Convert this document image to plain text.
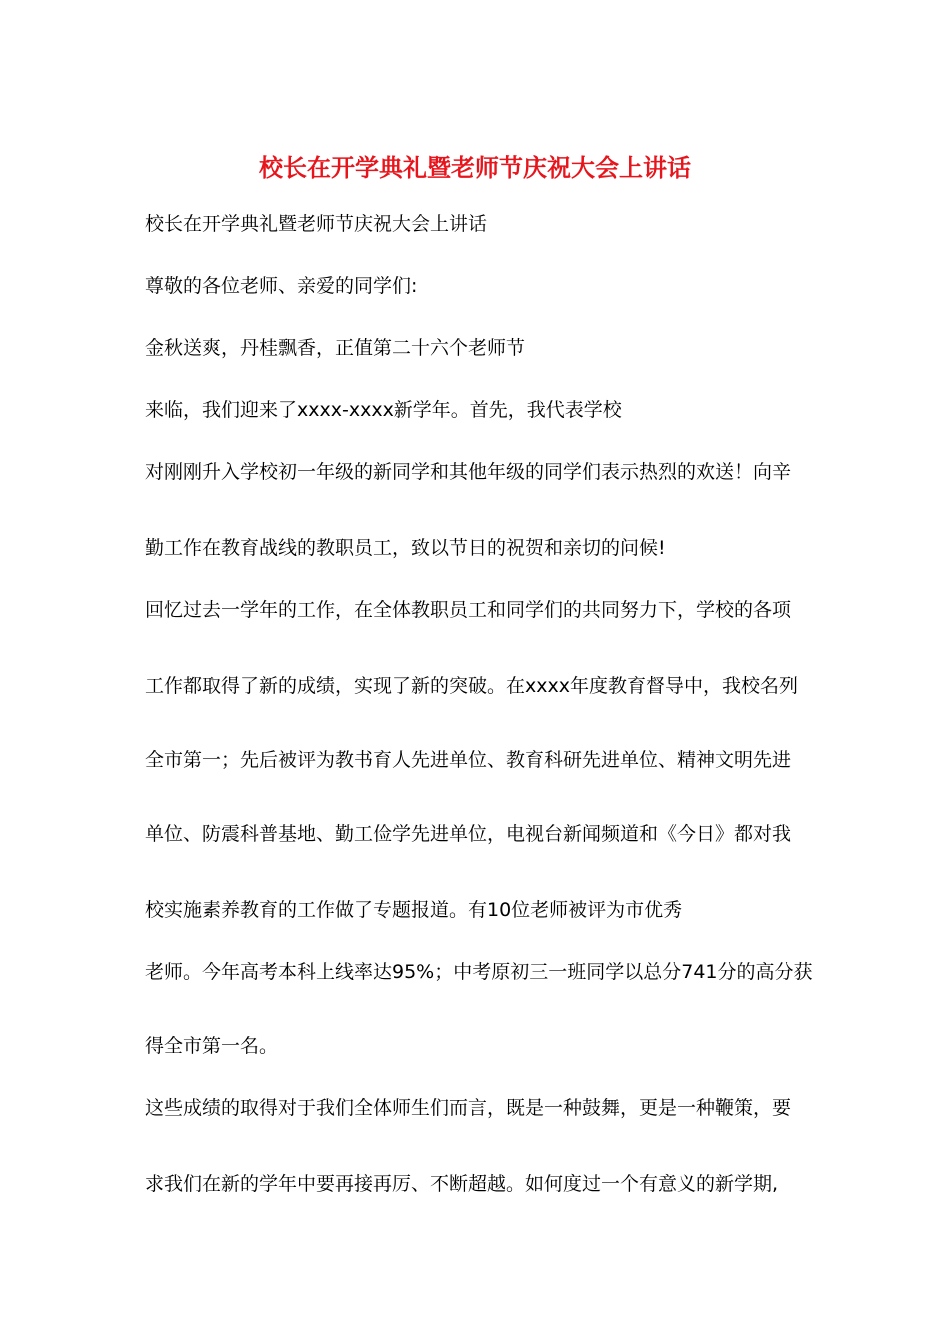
校长在开学典礼暨老师节庆祝大会上讲话
校长在开学典礼暨老师节庆祝大会上讲话
尊敬的各位老师、亲爱的同学们:
金秋送爽，丹桂飘香，正值第二十六个老师节
来临，我们迎来了xxxx-xxxx新学年。首先，我代表学校
对刚刚升入学校初一年级的新同学和其他年级的同学们表示热烈的欢送！向辛
勤工作在教育战线的教职员工，致以节日的祝贺和亲切的问候!
回忆过去一学年的工作，在全体教职员工和同学们的共同努力下，学校的各项
工作都取得了新的成绩，实现了新的突破。在xxxx年度教育督导中，我校名列
全市第一；先后被评为教书育人先进单位、教育科研先进单位、精神文明先进
单位、防震科普基地、勤工俭学先进单位，电视台新闻频道和《今日》都对我
校实施素养教育的工作做了专题报道。有10位老师被评为市优秀
老师。今年高考本科上线率达95%；中考原初三一班同学以总分741分的高分获
得全市第一名。
这些成绩的取得对于我们全体师生们而言，既是一种鼓舞，更是一种鞭策，要
求我们在新的学年中要再接再厉、不断超越。如何度过一个有意义的新学期,
